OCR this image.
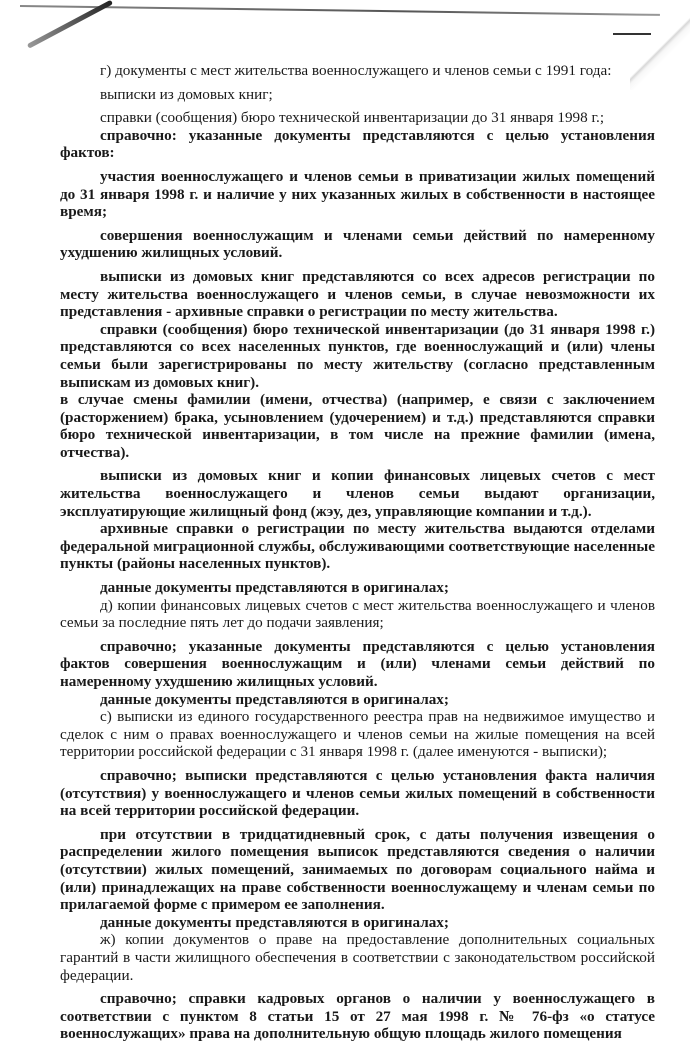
г) документы с мест жительства военнослужащего и членов семьи с 1991 года:

выписки из домовых книг;

справки (сообщения) бюро технической инвентаризации до 31 января 1998 г.;

справочно: указанные документы представляются с целью установления фактов:

участия военнослужащего и членов семьи в приватизации жилых помещений до 31 января 1998 г. и наличие у них указанных жилых в собственности в настоящее время;

совершения военнослужащим и членами семьи действий по намеренному ухудшению жилищных условий.

выписки из домовых книг представляются со всех адресов регистрации по месту жительства военнослужащего и членов семьи, в случае невозможности их представления - архивные справки о регистрации по месту жительства.

справки (сообщения) бюро технической инвентаризации (до 31 января 1998 г.) представляются со всех населенных пунктов, где военнослужащий и (или) члены семьи были зарегистрированы по месту жительству (согласно представленным выпискам из домовых книг).

в случае смены фамилии (имени, отчества) (например, е связи с заключением (расторжением) брака, усыновлением (удочерением) и т.д.) представляются справки бюро технической инвентаризации, в том числе на прежние фамилии (имена, отчества).

выписки из домовых книг и копии финансовых лицевых счетов с мест жительства военнослужащего и членов семьи выдают организации, эксплуатирующие жилищный фонд (жэу, дез, управляющие компании и т.д.).

архивные справки о регистрации по месту жительства выдаются отделами федеральной миграционной службы, обслуживающими соответствующие населенные пункты (районы населенных пунктов).

данные документы представляются в оригиналах;

д) копии финансовых лицевых счетов с мест жительства военнослужащего и членов семьи за последние пять лет до подачи заявления;

справочно; указанные документы представляются с целью установления фактов совершения военнослужащим и (или) членами семьи действий по намеренному ухудшению жилищных условий.

данные документы представляются в оригиналах;

с) выписки из единого государственного реестра прав на недвижимое имущество и сделок с ним о правах военнослужащего и членов семьи на жилые помещения на всей территории российской федерации с 31 января 1998 г. (далее именуются - выписки);

справочно; выписки представляются с целью установления факта наличия (отсутствия) у военнослужащего и членов семьи жилых помещений в собственности на всей территории российской федерации.

при отсутствии в тридцатидневный срок, с даты получения извещения о распределении жилого помещения выписок представляются сведения о наличии (отсутствии) жилых помещений, занимаемых по договорам социального найма и (или) принадлежащих на праве собственности военнослужащему и членам семьи по прилагаемой форме с примером ее заполнения.

данные документы представляются в оригиналах;

ж) копии документов о праве на предоставление дополнительных социальных гарантий в части жилищного обеспечения в соответствии с законодательством российской федерации.

справочно; справки кадровых органов о наличии у военнослужащего в соответствии с пунктом 8 статьи 15 от 27 мая 1998 г. № 76-фз «о статусе военнослужащих» права на дополнительную общую площадь жилого помещения
